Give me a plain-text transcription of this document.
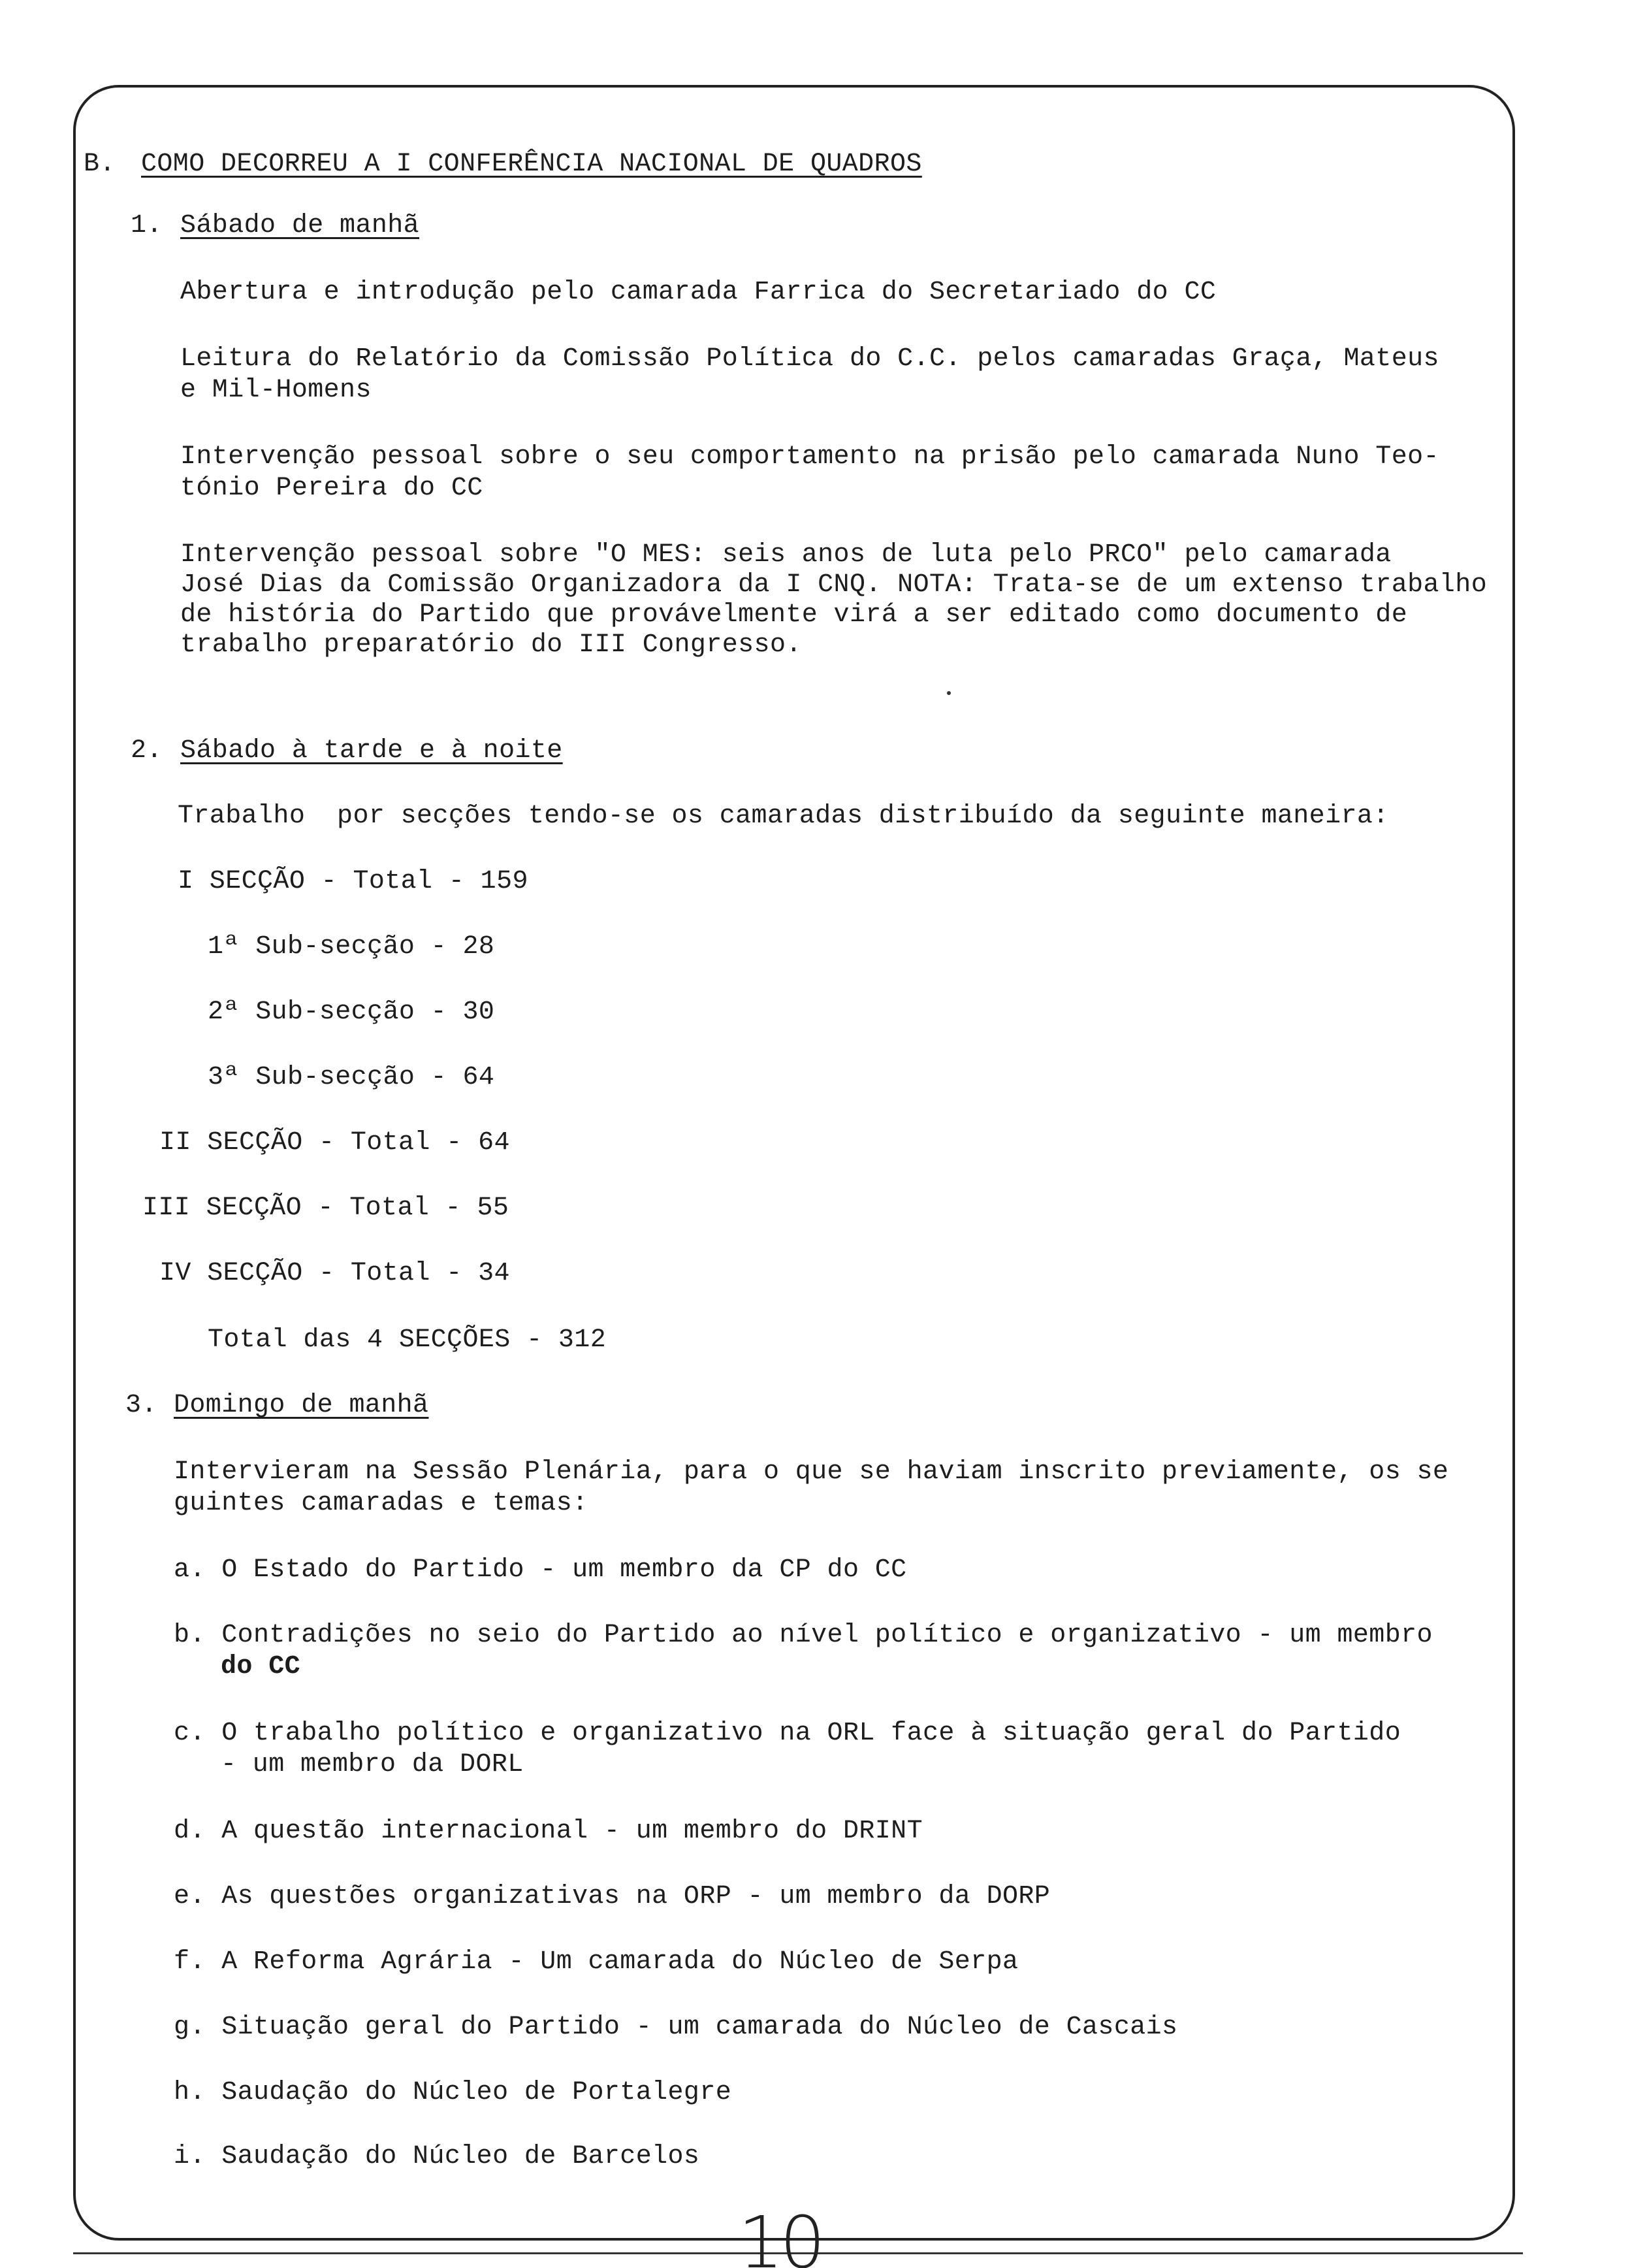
B. COMO DECORREU A I CONFERÊNCIA NACIONAL DE QUADROS
1. Sábado de manhã
Abertura e introdução pelo camarada Farrica do Secretariado do CC
Leitura do Relatório da Comissão Política do C.C. pelos camaradas Graça, Mateus
e Mil-Homens
Intervenção pessoal sobre o seu comportamento na prisão pelo camarada Nuno Teo-
tónio Pereira do CC
Intervenção pessoal sobre "O MES: seis anos de luta pelo PRCO" pelo camarada
José Dias da Comissão Organizadora da I CNQ. NOTA: Trata-se de um extenso trabalho
de história do Partido que provávelmente virá a ser editado como documento de
trabalho preparatório do III Congresso.
2. Sábado à tarde e à noite
Trabalho  por secções tendo-se os camaradas distribuído da seguinte maneira:
I SECÇÃO - Total - 159
1ª Sub-secção - 28
2ª Sub-secção - 30
3ª Sub-secção - 64
II SECÇÃO - Total - 64
III SECÇÃO - Total - 55
IV SECÇÃO - Total - 34
Total das 4 SECÇÕES - 312
3. Domingo de manhã
Intervieram na Sessão Plenária, para o que se haviam inscrito previamente, os se
guintes camaradas e temas:
a. O Estado do Partido - um membro da CP do CC
b. Contradições no seio do Partido ao nível político e organizativo - um membro
do CC
c. O trabalho político e organizativo na ORL face à situação geral do Partido
- um membro da DORL
d. A questão internacional - um membro do DRINT
e. As questões organizativas na ORP - um membro da DORP
f. A Reforma Agrária - Um camarada do Núcleo de Serpa
g. Situação geral do Partido - um camarada do Núcleo de Cascais
h. Saudação do Núcleo de Portalegre
i. Saudação do Núcleo de Barcelos
10
